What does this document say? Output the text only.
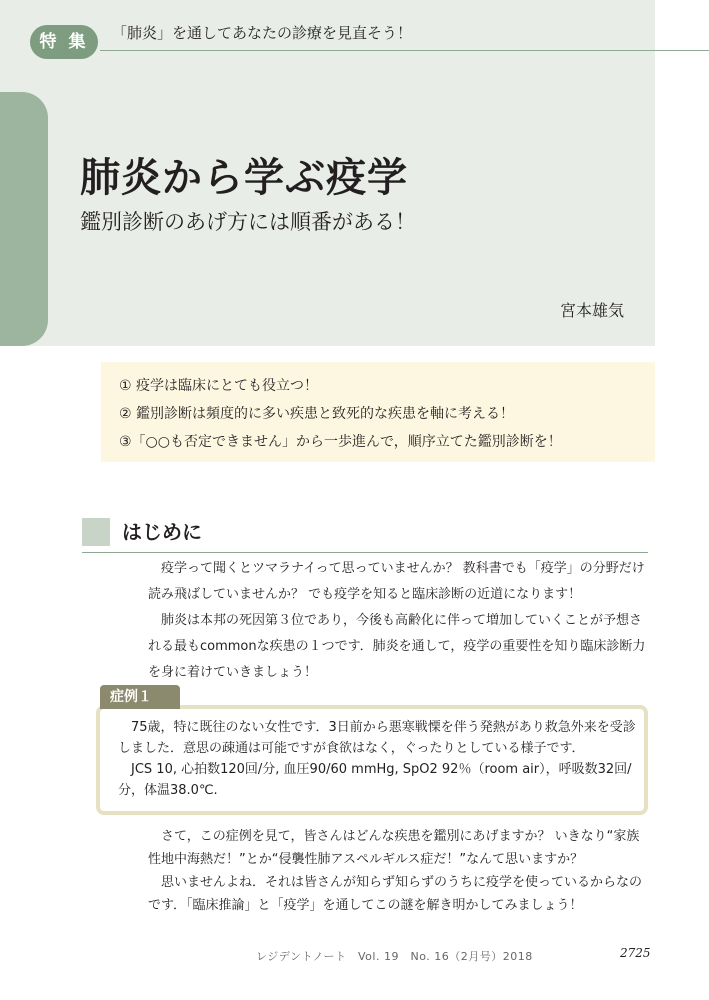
特 集	「肺炎」を通してあなたの診療を見直そう！
肺炎から学ぶ疫学
鑑別診断のあげ方には順番がある！
宮本雄気
① 疫学は臨床にとても役立つ！
② 鑑別診断は頻度的に多い疾患と致死的な疾患を軸に考える！
③「○○も否定できません」から一歩進んで，順序立てた鑑別診断を！
はじめに

疫学って聞くとツマラナイって思っていませんか？ 教科書でも「疫学」の分野だけ読み飛ばしていませんか？ でも疫学を知ると臨床診断の近道になります！

肺炎は本邦の死因第３位であり，今後も高齢化に伴って増加していくことが予想される最もcommonな疾患の１つです．肺炎を通して，疫学の重要性を知り臨床診断力を身に着けていきましょう！

75歳，特に既往のない女性です．3日前から悪寒戦慄を伴う発熱があり救急外来を受診しました．意思の疎通は可能ですが食欲はなく，ぐったりとしている様子です．

JCS 10, 心拍数120回/分, 血圧90/60 mmHg, SpO2 92％（room air），呼吸数32回/分，体温38.0℃.

症例１

さて，この症例を見て，皆さんはどんな疾患を鑑別にあげますか？ いきなり“家族性地中海熱だ！”とか“侵襲性肺アスペルギルス症だ！”なんて思いますか？

思いませんよね．それは皆さんが知らず知らずのうちに疫学を使っているからなのです．「臨床推論」と「疫学」を通してこの謎を解き明かしてみましょう！

レジデントノート　Vol. 19　No. 16（2月号）2018	2725
